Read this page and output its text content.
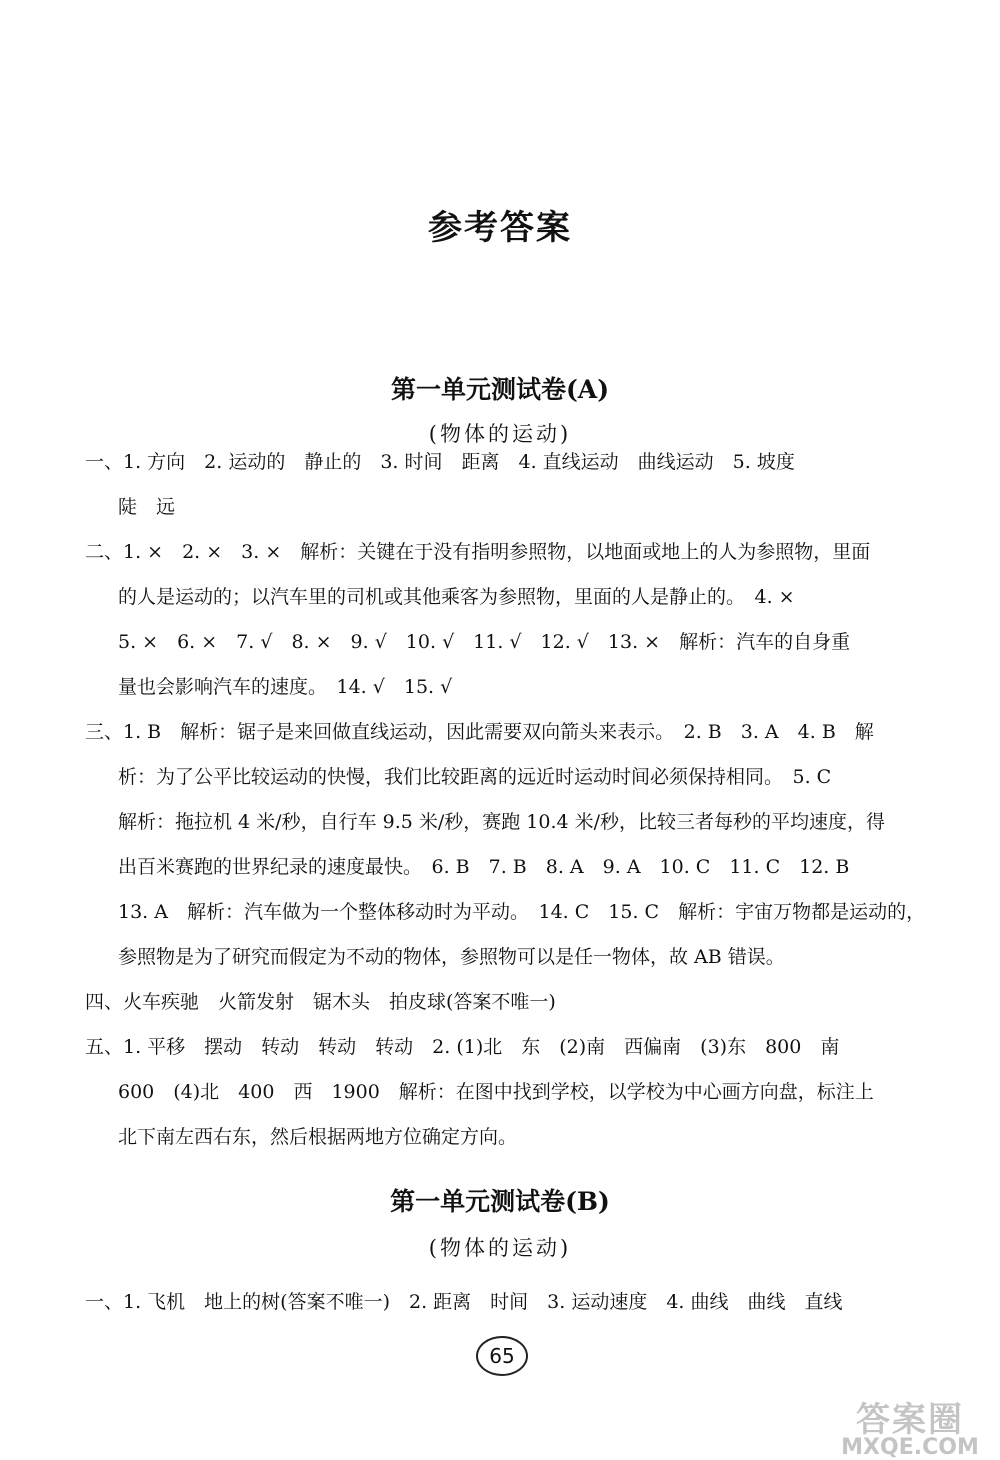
参考答案
第一单元测试卷(A)
(物体的运动)
一、1. 方向　2. 运动的　静止的　3. 时间　距离　4. 直线运动　曲线运动　5. 坡度
陡　远
二、1. ×　2. ×　3. ×　解析：关键在于没有指明参照物，以地面或地上的人为参照物，里面
的人是运动的；以汽车里的司机或其他乘客为参照物，里面的人是静止的。　4. ×
5. ×　6. ×　7. √　8. ×　9. √　10. √　11. √　12. √　13. ×　解析：汽车的自身重
量也会影响汽车的速度。　14. √　15. √
三、1. B　解析：锯子是来回做直线运动，因此需要双向箭头来表示。　2. B　3. A　4. B　解
析：为了公平比较运动的快慢，我们比较距离的远近时运动时间必须保持相同。　5. C
解析：拖拉机 4 米/秒，自行车 9.5 米/秒，赛跑 10.4 米/秒，比较三者每秒的平均速度，得
出百米赛跑的世界纪录的速度最快。　6. B　7. B　8. A　9. A　10. C　11. C　12. B
13. A　解析：汽车做为一个整体移动时为平动。　14. C　15. C　解析：宇宙万物都是运动的，
参照物是为了研究而假定为不动的物体，参照物可以是任一物体，故 AB 错误。
四、火车疾驰　火箭发射　锯木头　拍皮球(答案不唯一)
五、1. 平移　摆动　转动　转动　转动　2. (1)北　东　(2)南　西偏南　(3)东　800　南
600　(4)北　400　西　1900　解析：在图中找到学校，以学校为中心画方向盘，标注上
北下南左西右东，然后根据两地方位确定方向。
第一单元测试卷(B)
(物体的运动)
一、1. 飞机　地上的树(答案不唯一)　2. 距离　时间　3. 运动速度　4. 曲线　曲线　直线
65
答案圈
MXQE.COM
